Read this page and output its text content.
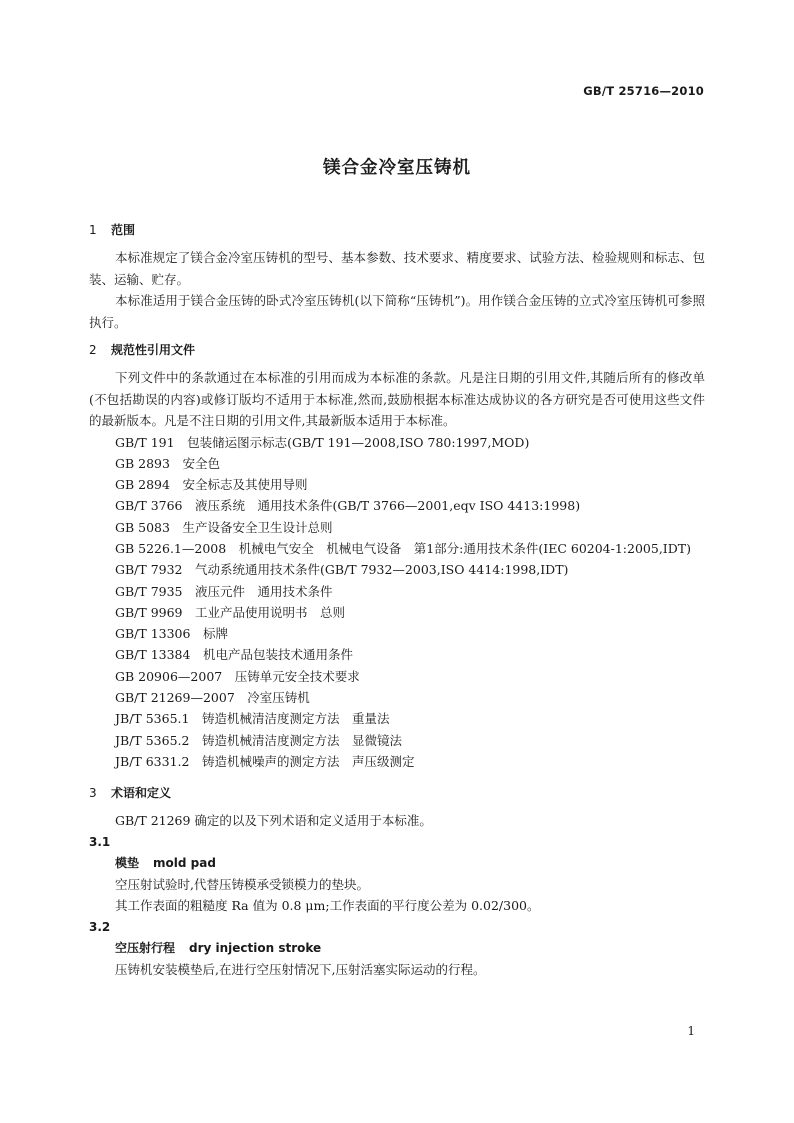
GB/T 25716—2010
镁合金冷室压铸机
1 范围
本标准规定了镁合金冷室压铸机的型号、基本参数、技术要求、精度要求、试验方法、检验规则和标志、包装、运输、贮存。
本标准适用于镁合金压铸的卧式冷室压铸机(以下简称“压铸机”)。用作镁合金压铸的立式冷室压铸机可参照执行。
2 规范性引用文件
下列文件中的条款通过在本标准的引用而成为本标准的条款。凡是注日期的引用文件,其随后所有的修改单(不包括勘误的内容)或修订版均不适用于本标准,然而,鼓励根据本标准达成协议的各方研究是否可使用这些文件的最新版本。凡是不注日期的引用文件,其最新版本适用于本标准。
GB/T 191　 包装储运图示标志(GB/T 191—2008,ISO 780:1997,MOD)
GB 2893　 安全色
GB 2894　 安全标志及其使用导则
GB/T 3766　 液压系统　通用技术条件(GB/T 3766—2001,eqv ISO 4413:1998)
GB 5083　 生产设备安全卫生设计总则
GB 5226.1—2008　 机械电气安全　机械电气设备　第1部分:通用技术条件(IEC 60204-1:2005,IDT)
GB/T 7932　 气动系统通用技术条件(GB/T 7932—2003,ISO 4414:1998,IDT)
GB/T 7935　 液压元件　通用技术条件
GB/T 9969　 工业产品使用说明书　总则
GB/T 13306　 标牌
GB/T 13384　 机电产品包装技术通用条件
GB 20906—2007　 压铸单元安全技术要求
GB/T 21269—2007　 冷室压铸机
JB/T 5365.1　 铸造机械清洁度测定方法　重量法
JB/T 5365.2　 铸造机械清洁度测定方法　显微镜法
JB/T 6331.2　 铸造机械噪声的测定方法　声压级测定
3 术语和定义
GB/T 21269 确定的以及下列术语和定义适用于本标准。
3.1
模垫 mold pad
空压射试验时,代替压铸模承受锁模力的垫块。
其工作表面的粗糙度 Ra 值为 0.8 μm;工作表面的平行度公差为 0.02/300。
3.2
空压射行程 dry injection stroke
压铸机安装模垫后,在进行空压射情况下,压射活塞实际运动的行程。
1
